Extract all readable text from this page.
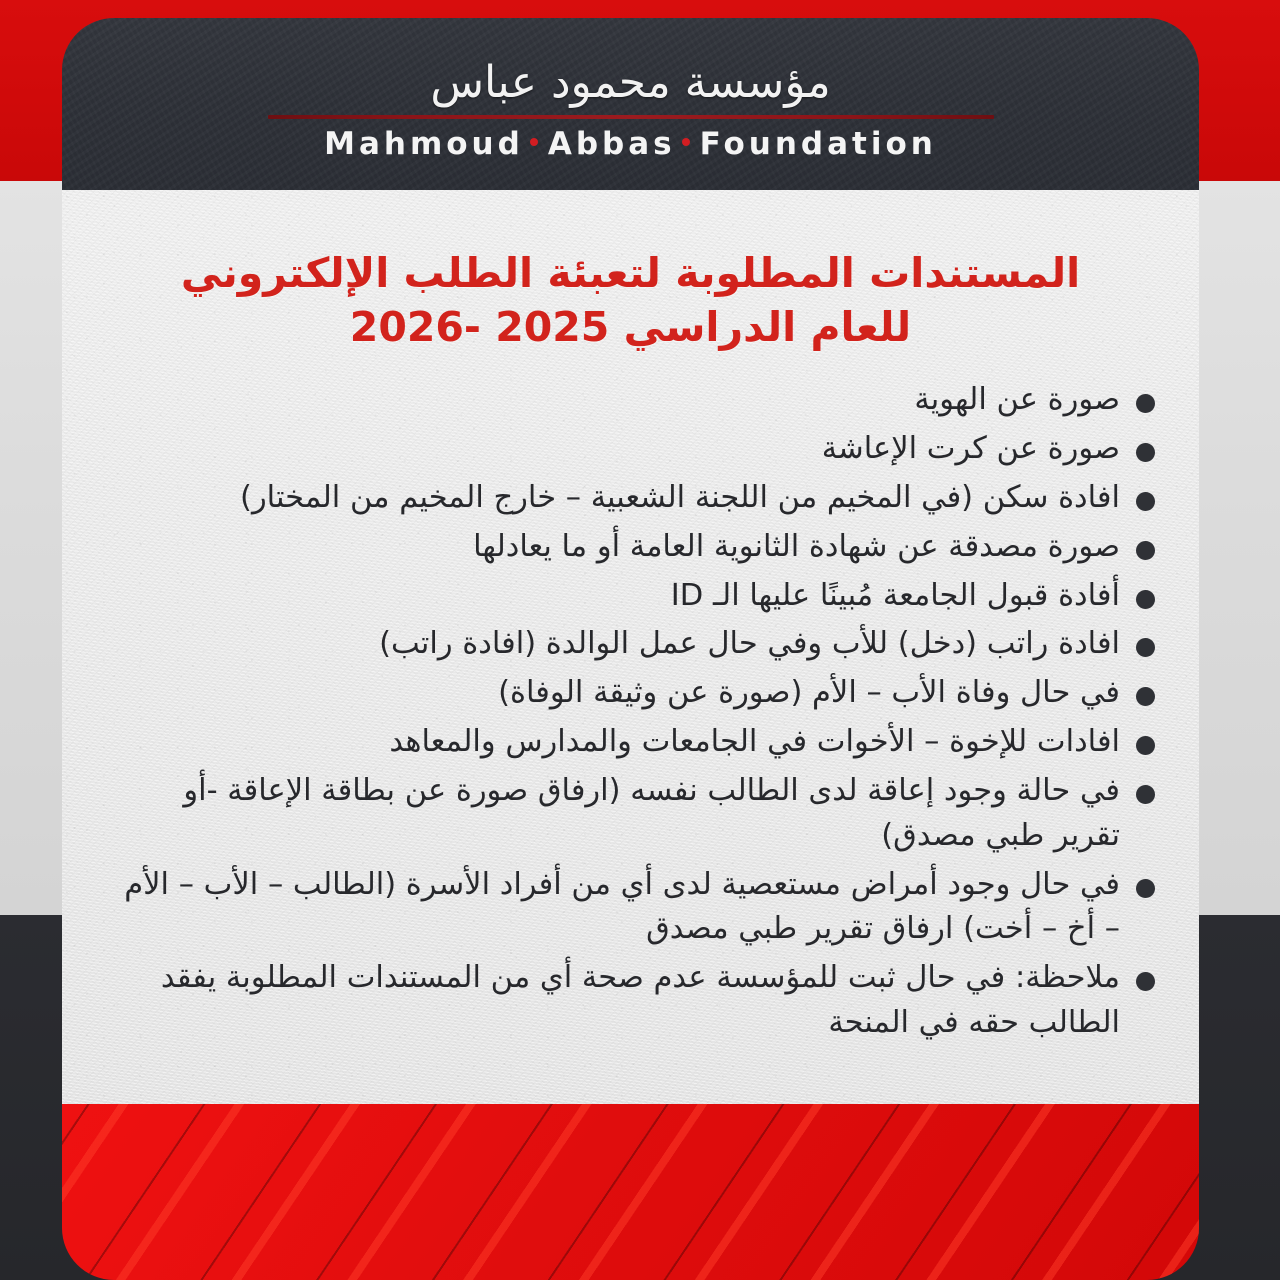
مؤسسة محمود عباس
Mahmoud Abbas Foundation
المستندات المطلوبة لتعبئة الطلب الإلكتروني للعام الدراسي 2025 -2026
صورة عن الهوية
صورة عن كرت الإعاشة
افادة سكن (في المخيم من اللجنة الشعبية – خارج المخيم من المختار)
صورة مصدقة عن شهادة الثانوية العامة أو ما يعادلها
أفادة قبول الجامعة مُبينًا عليها الـ ID
افادة راتب (دخل) للأب وفي حال عمل الوالدة (افادة راتب)
في حال وفاة الأب – الأم (صورة عن وثيقة الوفاة)
افادات للإخوة – الأخوات في الجامعات والمدارس والمعاهد
في حالة وجود إعاقة لدى الطالب نفسه (ارفاق صورة عن بطاقة الإعاقة -أو تقرير طبي مصدق)
في حال وجود أمراض مستعصية لدى أي من أفراد الأسرة (الطالب – الأب – الأم – أخ – أخت) ارفاق تقرير طبي مصدق
ملاحظة: في حال ثبت للمؤسسة عدم صحة أي من المستندات المطلوبة يفقد الطالب حقه في المنحة
